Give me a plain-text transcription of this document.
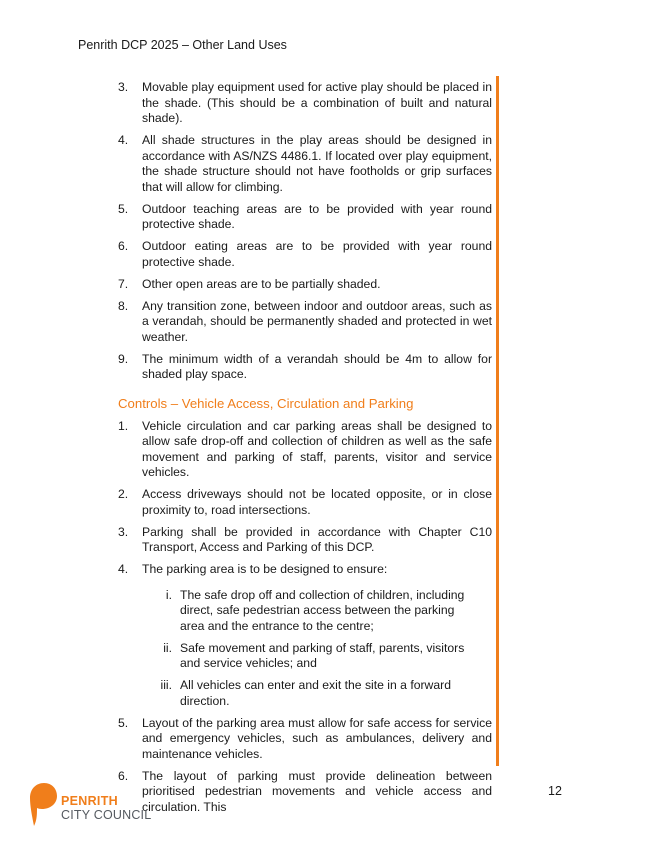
Penrith DCP 2025 – Other Land Uses
3. Movable play equipment used for active play should be placed in the shade. (This should be a combination of built and natural shade).
4. All shade structures in the play areas should be designed in accordance with AS/NZS 4486.1. If located over play equipment, the shade structure should not have footholds or grip surfaces that will allow for climbing.
5. Outdoor teaching areas are to be provided with year round protective shade.
6. Outdoor eating areas are to be provided with year round protective shade.
7. Other open areas are to be partially shaded.
8. Any transition zone, between indoor and outdoor areas, such as a verandah, should be permanently shaded and protected in wet weather.
9. The minimum width of a verandah should be 4m to allow for shaded play space.
Controls – Vehicle Access, Circulation and Parking
1. Vehicle circulation and car parking areas shall be designed to allow safe drop-off and collection of children as well as the safe movement and parking of staff, parents, visitor and service vehicles.
2. Access driveways should not be located opposite, or in close proximity to, road intersections.
3. Parking shall be provided in accordance with Chapter C10 Transport, Access and Parking of this DCP.
4. The parking area is to be designed to ensure:
i. The safe drop off and collection of children, including direct, safe pedestrian access between the parking area and the entrance to the centre;
ii. Safe movement and parking of staff, parents, visitors and service vehicles; and
iii. All vehicles can enter and exit the site in a forward direction.
5. Layout of the parking area must allow for safe access for service and emergency vehicles, such as ambulances, delivery and maintenance vehicles.
6. The layout of parking must provide delineation between prioritised pedestrian movements and vehicle access and circulation. This
12
PENRITH
CITY COUNCIL
